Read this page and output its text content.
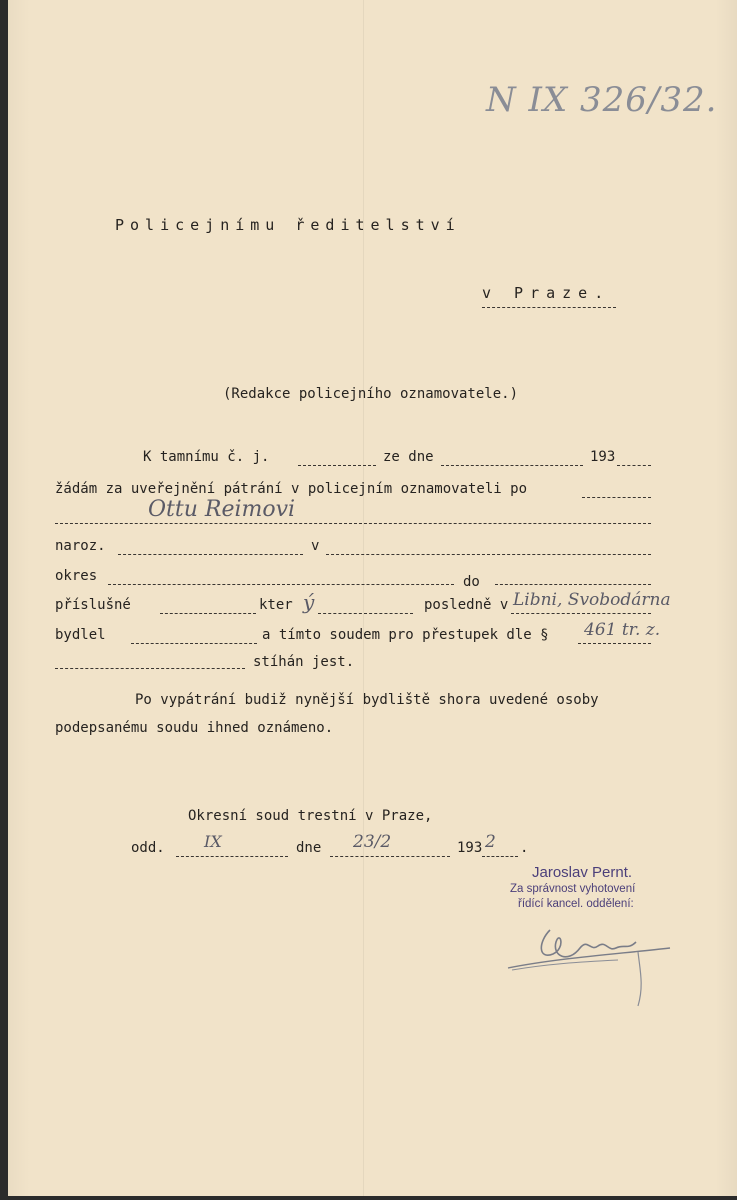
N IX 326/32.
Policejnímu ředitelství
v Praze.
(Redakce policejního oznamovatele.)
K tamnímu č. j.	ze dne	193
žádám za uveřejnění pátrání v policejním oznamovateli po
Ottu Reimovi
naroz.	v
okres	do
příslušné	kter ý	posledně v Libni, Svobodárna
bydlel	a tímto soudem pro přestupek dle § 461 tr. z.
stíhán jest.
Po vypátrání budiž nynější bydliště shora uvedené osoby
podepsanému soudu ihned oznámeno.
Okresní soud trestní v Praze,
odd. IX	dne 23/2	193 2 .
Jaroslav Pernt.
Za správnost vyhotovení
řídící kancel. oddělení:
